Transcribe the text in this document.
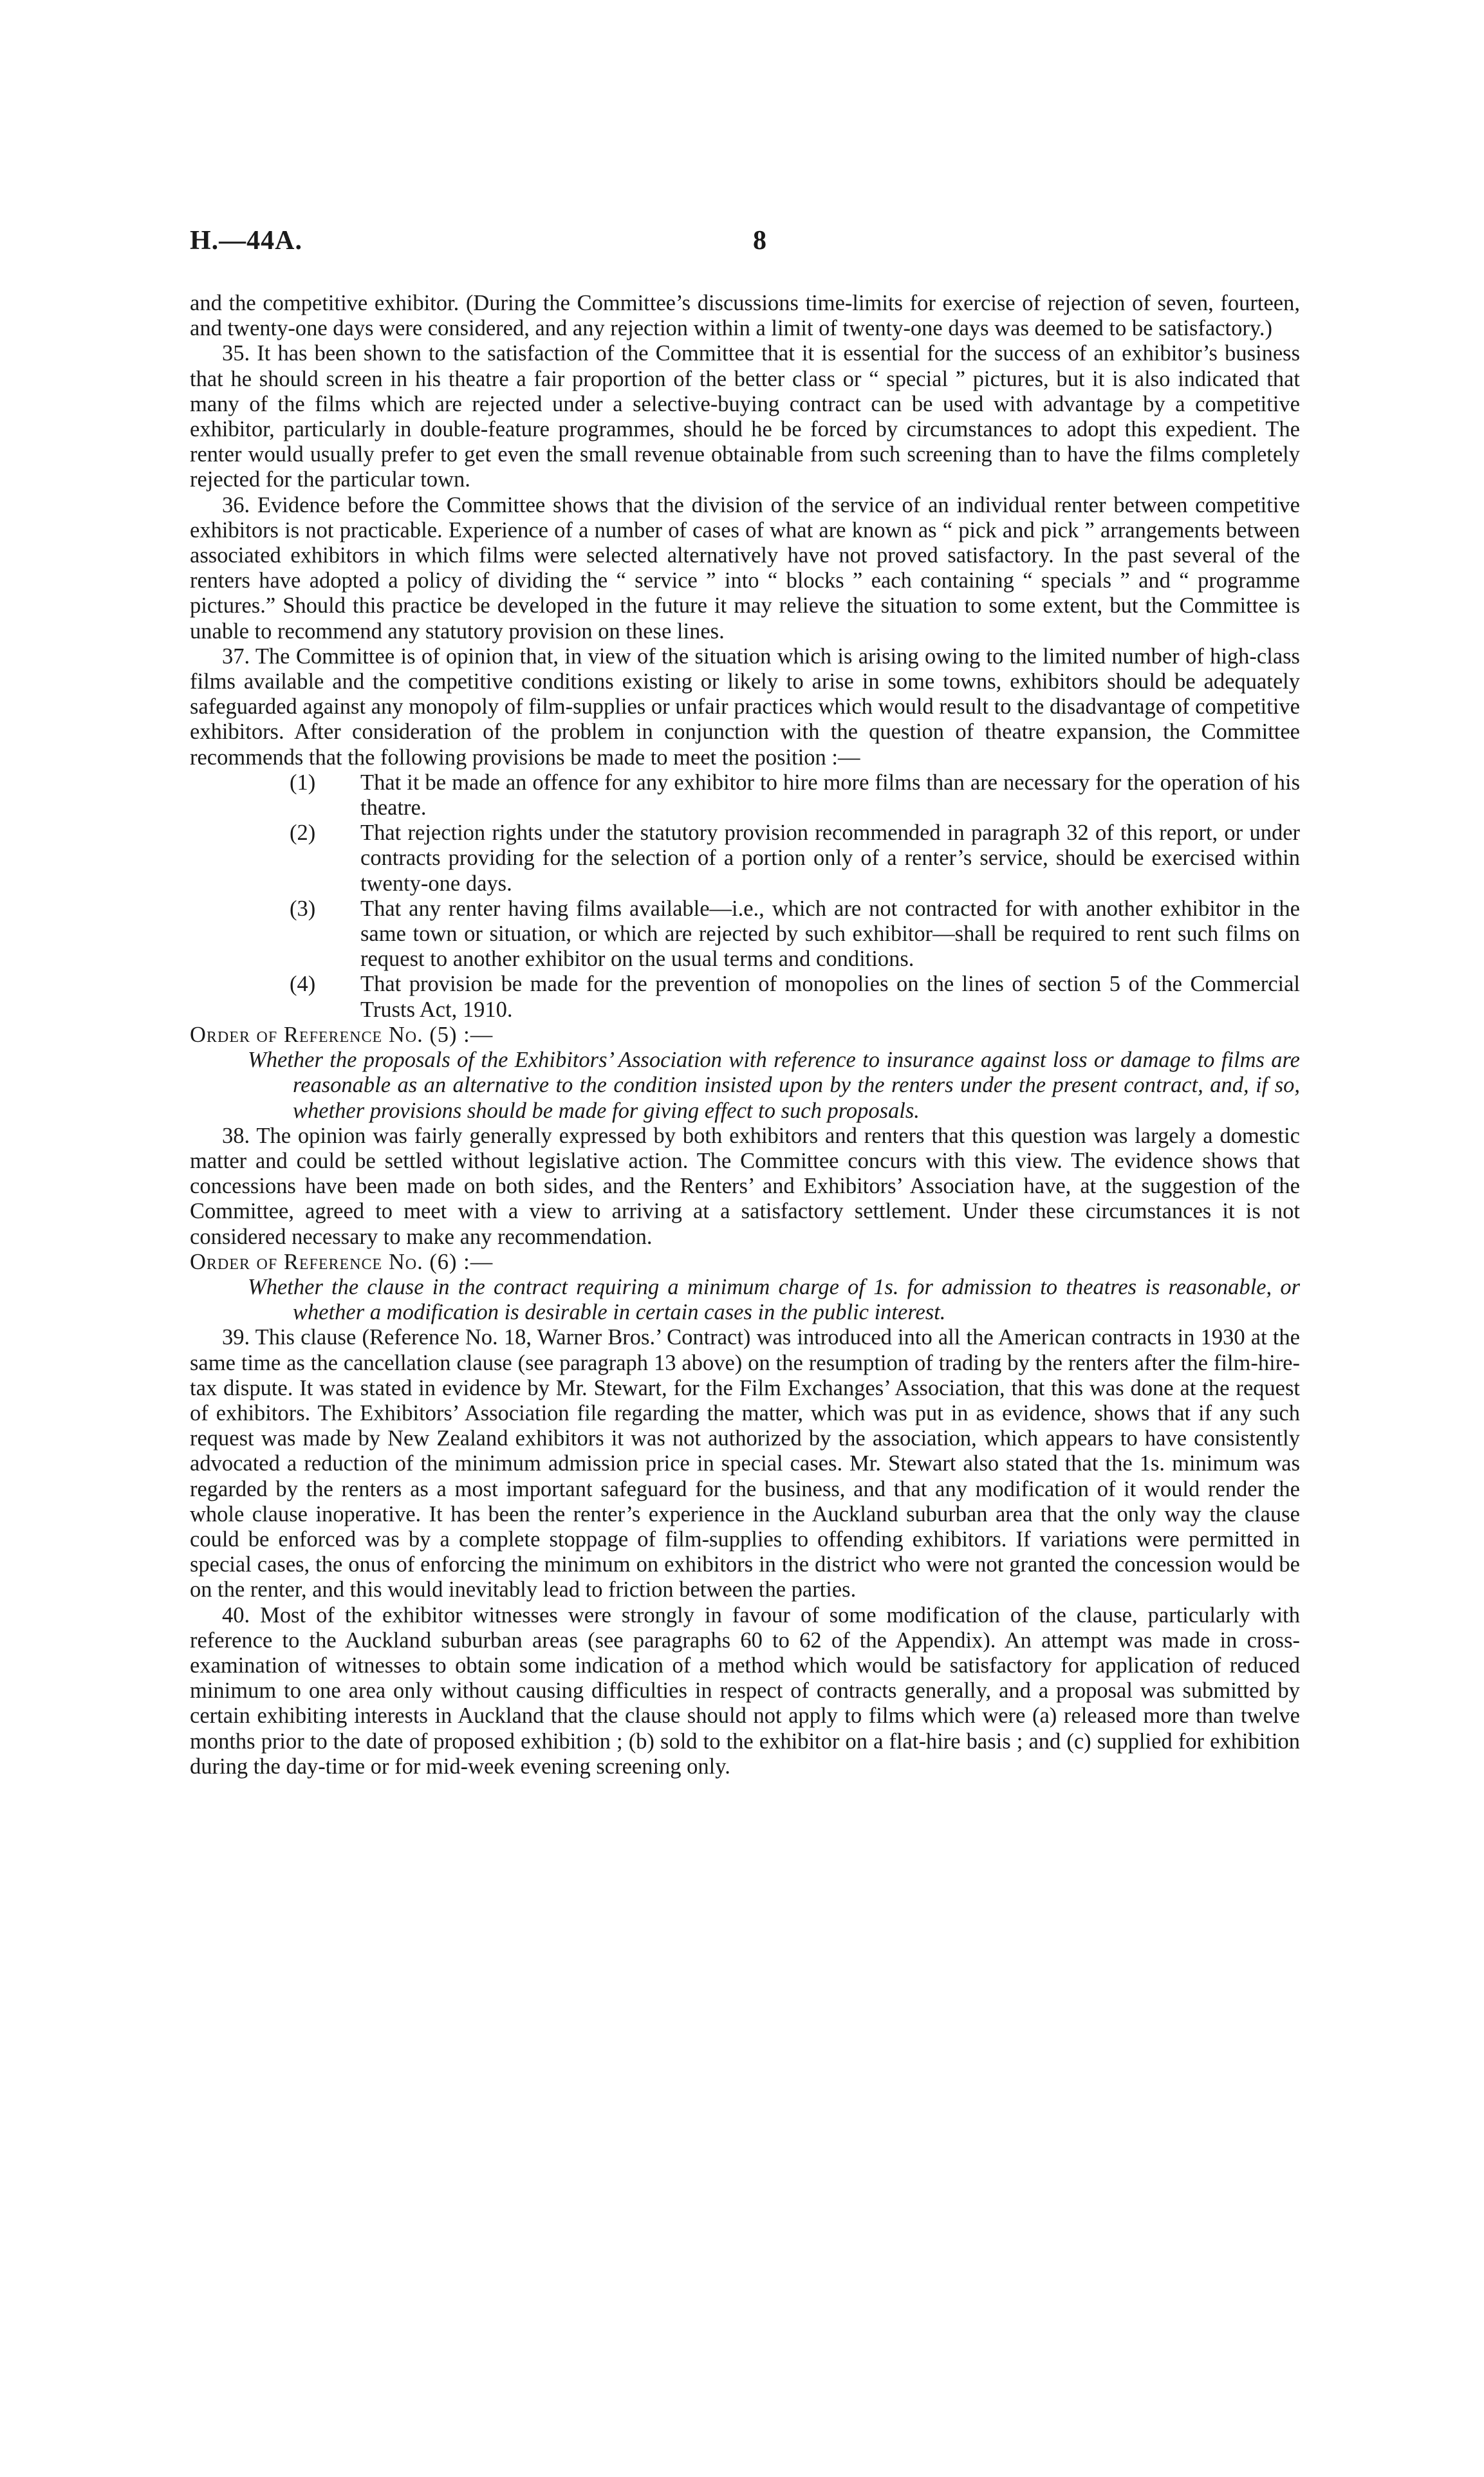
H.—44A.	8

and the competitive exhibitor. (During the Committee’s discussions time-limits for exercise of rejection of seven, fourteen, and twenty-one days were considered, and any rejection within a limit of twenty-one days was deemed to be satisfactory.)

35. It has been shown to the satisfaction of the Committee that it is essential for the success of an exhibitor’s business that he should screen in his theatre a fair proportion of the better class or “ special ” pictures, but it is also indicated that many of the films which are rejected under a selective-buying contract can be used with advantage by a competitive exhibitor, particularly in double-feature programmes, should he be forced by circumstances to adopt this expedient. The renter would usually prefer to get even the small revenue obtainable from such screening than to have the films completely rejected for the particular town.

36. Evidence before the Committee shows that the division of the service of an individual renter between competitive exhibitors is not practicable. Experience of a number of cases of what are known as “ pick and pick ” arrangements between associated exhibitors in which films were selected alternatively have not proved satisfactory. In the past several of the renters have adopted a policy of dividing the “ service ” into “ blocks ” each containing “ specials ” and “ programme pictures.” Should this practice be developed in the future it may relieve the situation to some extent, but the Committee is unable to recommend any statutory provision on these lines.

37. The Committee is of opinion that, in view of the situation which is arising owing to the limited number of high-class films available and the competitive conditions existing or likely to arise in some towns, exhibitors should be adequately safeguarded against any monopoly of film-supplies or unfair practices which would result to the disadvantage of competitive exhibitors. After consideration of the problem in conjunction with the question of theatre expansion, the Committee recommends that the following provisions be made to meet the position :—

(1) That it be made an offence for any exhibitor to hire more films than are necessary for the operation of his theatre.

(2) That rejection rights under the statutory provision recommended in paragraph 32 of this report, or under contracts providing for the selection of a portion only of a renter’s service, should be exercised within twenty-one days.

(3) That any renter having films available—i.e., which are not contracted for with another exhibitor in the same town or situation, or which are rejected by such exhibitor—shall be required to rent such films on request to another exhibitor on the usual terms and conditions.

(4) That provision be made for the prevention of monopolies on the lines of section 5 of the Commercial Trusts Act, 1910.

Order of Reference No. (5) :—

Whether the proposals of the Exhibitors’ Association with reference to insurance against loss or damage to films are reasonable as an alternative to the condition insisted upon by the renters under the present contract, and, if so, whether provisions should be made for giving effect to such proposals.

38. The opinion was fairly generally expressed by both exhibitors and renters that this question was largely a domestic matter and could be settled without legislative action. The Committee concurs with this view. The evidence shows that concessions have been made on both sides, and the Renters’ and Exhibitors’ Association have, at the suggestion of the Committee, agreed to meet with a view to arriving at a satisfactory settlement. Under these circumstances it is not considered necessary to make any recommendation.

Order of Reference No. (6) :—

Whether the clause in the contract requiring a minimum charge of 1s. for admission to theatres is reasonable, or whether a modification is desirable in certain cases in the public interest.

39. This clause (Reference No. 18, Warner Bros.’ Contract) was introduced into all the American contracts in 1930 at the same time as the cancellation clause (see paragraph 13 above) on the resumption of trading by the renters after the film-hire-tax dispute. It was stated in evidence by Mr. Stewart, for the Film Exchanges’ Association, that this was done at the request of exhibitors. The Exhibitors’ Association file regarding the matter, which was put in as evidence, shows that if any such request was made by New Zealand exhibitors it was not authorized by the association, which appears to have consistently advocated a reduction of the minimum admission price in special cases. Mr. Stewart also stated that the 1s. minimum was regarded by the renters as a most important safeguard for the business, and that any modification of it would render the whole clause inoperative. It has been the renter’s experience in the Auckland suburban area that the only way the clause could be enforced was by a complete stoppage of film-supplies to offending exhibitors. If variations were permitted in special cases, the onus of enforcing the minimum on exhibitors in the district who were not granted the concession would be on the renter, and this would inevitably lead to friction between the parties.

40. Most of the exhibitor witnesses were strongly in favour of some modification of the clause, particularly with reference to the Auckland suburban areas (see paragraphs 60 to 62 of the Appendix). An attempt was made in cross-examination of witnesses to obtain some indication of a method which would be satisfactory for application of reduced minimum to one area only without causing difficulties in respect of contracts generally, and a proposal was submitted by certain exhibiting interests in Auckland that the clause should not apply to films which were (a) released more than twelve months prior to the date of proposed exhibition ; (b) sold to the exhibitor on a flat-hire basis ; and (c) supplied for exhibition during the day-time or for mid-week evening screening only.
